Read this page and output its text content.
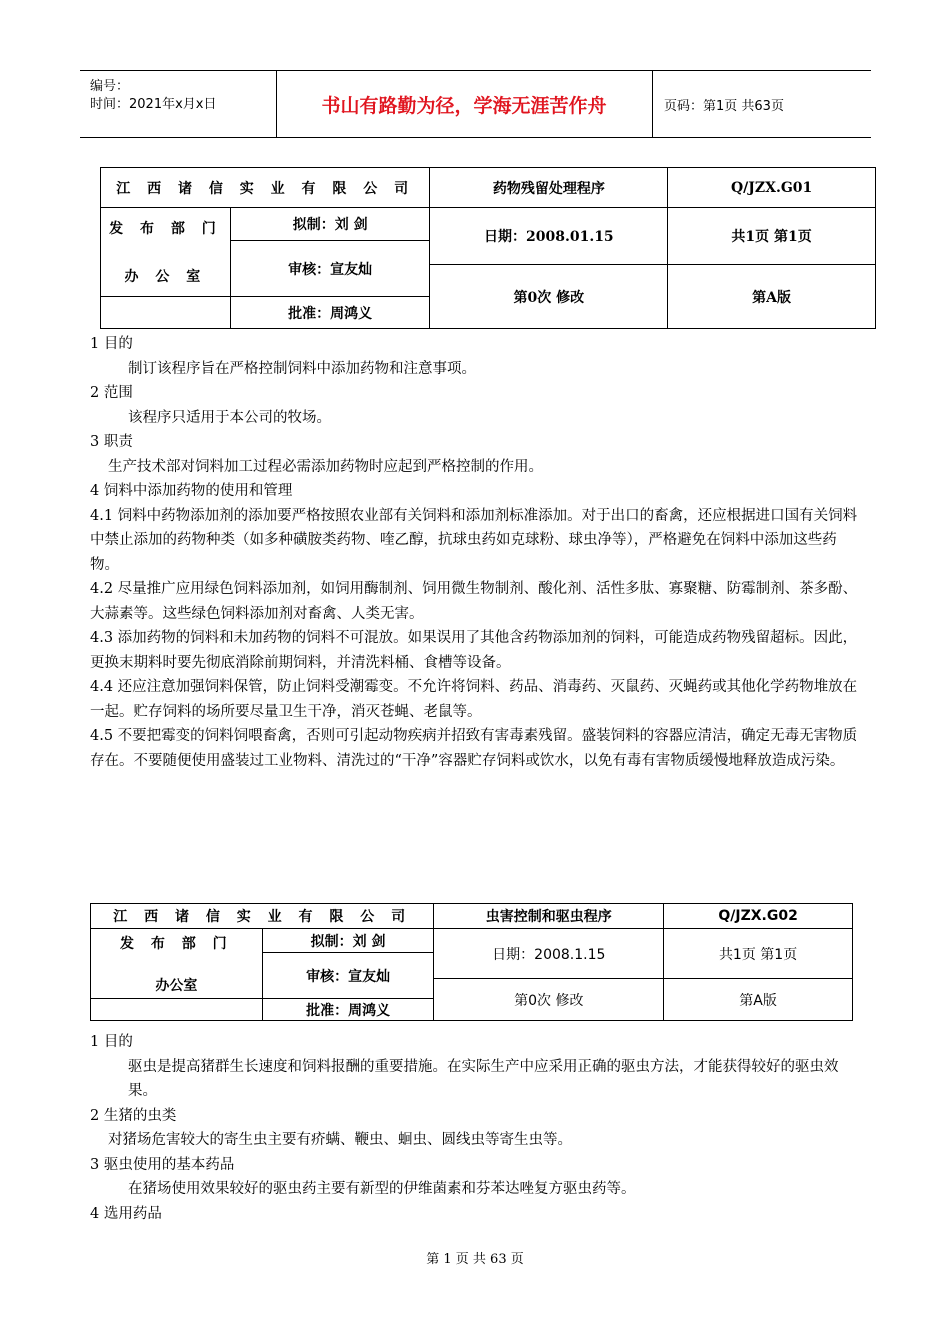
编号：
时间：2021年x月x日	书山有路勤为径，学海无涯苦作舟	页码：第1页 共63页
江 西 诸 信 实 业 有 限 公 司		药物残留处理程序	Q/JZX.G01

发 布 部 门
办 公 室	拟制：刘 剑	日期：2008.01.15	共1页 第1页
	审核：宣友灿		
		第0次 修改	第A版
	批准：周鸿义		

1 目的

制订该程序旨在严格控制饲料中添加药物和注意事项。

2 范围

该程序只适用于本公司的牧场。

3 职责

生产技术部对饲料加工过程必需添加药物时应起到严格控制的作用。

4 饲料中添加药物的使用和管理

4.1 饲料中药物添加剂的添加要严格按照农业部有关饲料和添加剂标准添加。对于出口的畜禽，还应根据进口国有关饲料中禁止添加的药物种类（如多种磺胺类药物、喹乙醇，抗球虫药如克球粉、球虫净等），严格避免在饲料中添加这些药物。

4.2 尽量推广应用绿色饲料添加剂，如饲用酶制剂、饲用微生物制剂、酸化剂、活性多肽、寡聚糖、防霉制剂、茶多酚、大蒜素等。这些绿色饲料添加剂对畜禽、人类无害。

4.3 添加药物的饲料和未加药物的饲料不可混放。如果误用了其他含药物添加剂的饲料，可能造成药物残留超标。因此，更换末期料时要先彻底消除前期饲料，并清洗料桶、食槽等设备。

4.4 还应注意加强饲料保管，防止饲料受潮霉变。不允许将饲料、药品、消毒药、灭鼠药、灭蝇药或其他化学药物堆放在一起。贮存饲料的场所要尽量卫生干净，消灭苍蝇、老鼠等。

4.5 不要把霉变的饲料饲喂畜禽，否则可引起动物疾病并招致有害毒素残留。盛装饲料的容器应清洁，确定无毒无害物质存在。不要随便使用盛装过工业物料、清洗过的“干净”容器贮存饲料或饮水，以免有毒有害物质缓慢地释放造成污染。

江 西 诸 信 实 业 有 限 公 司		虫害控制和驱虫程序	Q/JZX.G02

发 布 部 门
办公室	拟制：刘 剑	日期：2008.1.15	共1页 第1页
	审核：宣友灿		
		第0次 修改	第A版
	批准：周鸿义		

1 目的

驱虫是提高猪群生长速度和饲料报酬的重要措施。在实际生产中应采用正确的驱虫方法，才能获得较好的驱虫效果。

2 生猪的虫类

对猪场危害较大的寄生虫主要有疥螨、鞭虫、蛔虫、圆线虫等寄生虫等。

3 驱虫使用的基本药品

在猪场使用效果较好的驱虫药主要有新型的伊维菌素和芬苯达唑复方驱虫药等。

4 选用药品

第 1 页 共 63 页
